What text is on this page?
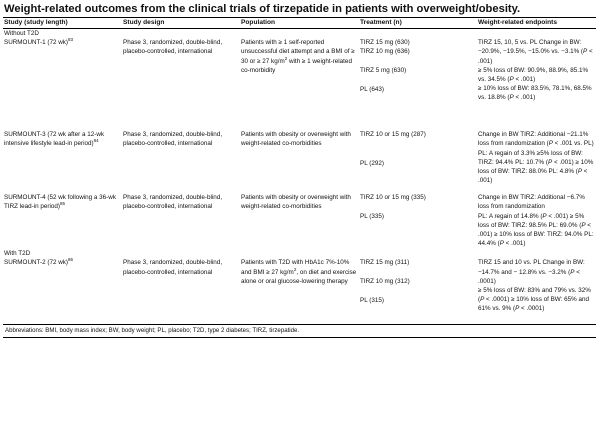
Weight-related outcomes from the clinical trials of tirzepatide in patients with overweight/obesity.
Study (study length)	Study design	Population	Treatment (n)	Weight-related endpoints
Without T2D				
SURMOUNT-1 (72 wk)$^{83}$	Phase 3, randomized, double-blind, placebo-controlled, international	Patients with ≥ 1 self-reported unsuccessful diet attempt and a BMI of ≥ 30 or ≥ 27 $kg/m^2$ with ≥ 1 weight-related co-morbidity	TIRZ 15 mg (630)
TIRZ 10 mg (636)
TIRZ 5 mg (630)
PL (643)	TIRZ 15, 10, 5 vs. PL Change in BW: −20.9%, −19.5%, −15.0% vs. −3.1% (P < .001)
≥ 5% loss of BW: 90.9%, 88.9%, 85.1% vs. 34.5% (P < .001)
≥ 10% loss of BW: 83.5%, 78.1%, 68.5% vs. 18.8% (P < .001)

SURMOUNT-3 (72 wk after a 12-wk intensive lifestyle lead-in period)$^{84}$	Phase 3, randomized, double-blind, placebo-controlled, international	Patients with obesity or overweight with weight-related co-morbidities	TIRZ 10 or 15 mg (287)
PL (292)	Change in BW TIRZ: Additional −21.1% loss from randomization (P < .001 vs. PL)
PL: A regain of 3.3% ≥5% loss of BW: TIRZ: 94.4% PL: 10.7% (P < .001) ≥ 10% loss of BW: TIRZ: 88.0% PL: 4.8% (P < .001)

SURMOUNT-4 (52 wk following a 36-wk TIRZ lead-in period)$^{85}$	Phase 3, randomized, double-blind, placebo-controlled, international	Patients with obesity or overweight with weight-related co-morbidities	TIRZ 10 or 15 mg (335)
PL (335)	Change in BW TIRZ: Additional −6.7% loss from randomization
PL: A regain of 14.8% (P < .001) ≥ 5% loss of BW: TIRZ: 98.5% PL: 69.0% (P < .001) ≥ 10% loss of BW: TIRZ: 94.0% PL: 44.4% (P < .001)

With T2D				
SURMOUNT-2 (72 wk)$^{86}$	Phase 3, randomized, double-blind, placebo-controlled, international	Patients with T2D with HbA1c 7%-10% and BMI ≥ 27 $kg/m^2$, on diet and exercise alone or oral glucose-lowering therapy	TIRZ 15 mg (311)
TIRZ 10 mg (312)
PL (315)	TIRZ 15 and 10 vs. PL Change in BW:
−14.7% and − 12.8% vs. −3.2% (P < .0001)
≥ 5% loss of BW: 83% and 79% vs. 32% (P < .0001) ≥ 10% loss of BW: 65% and 61% vs. 9% (P < .0001)

Abbreviations: BMI, body mass index; BW, body weight; PL, placebo; T2D, type 2 diabetes; TIRZ, tirzepatide.				
